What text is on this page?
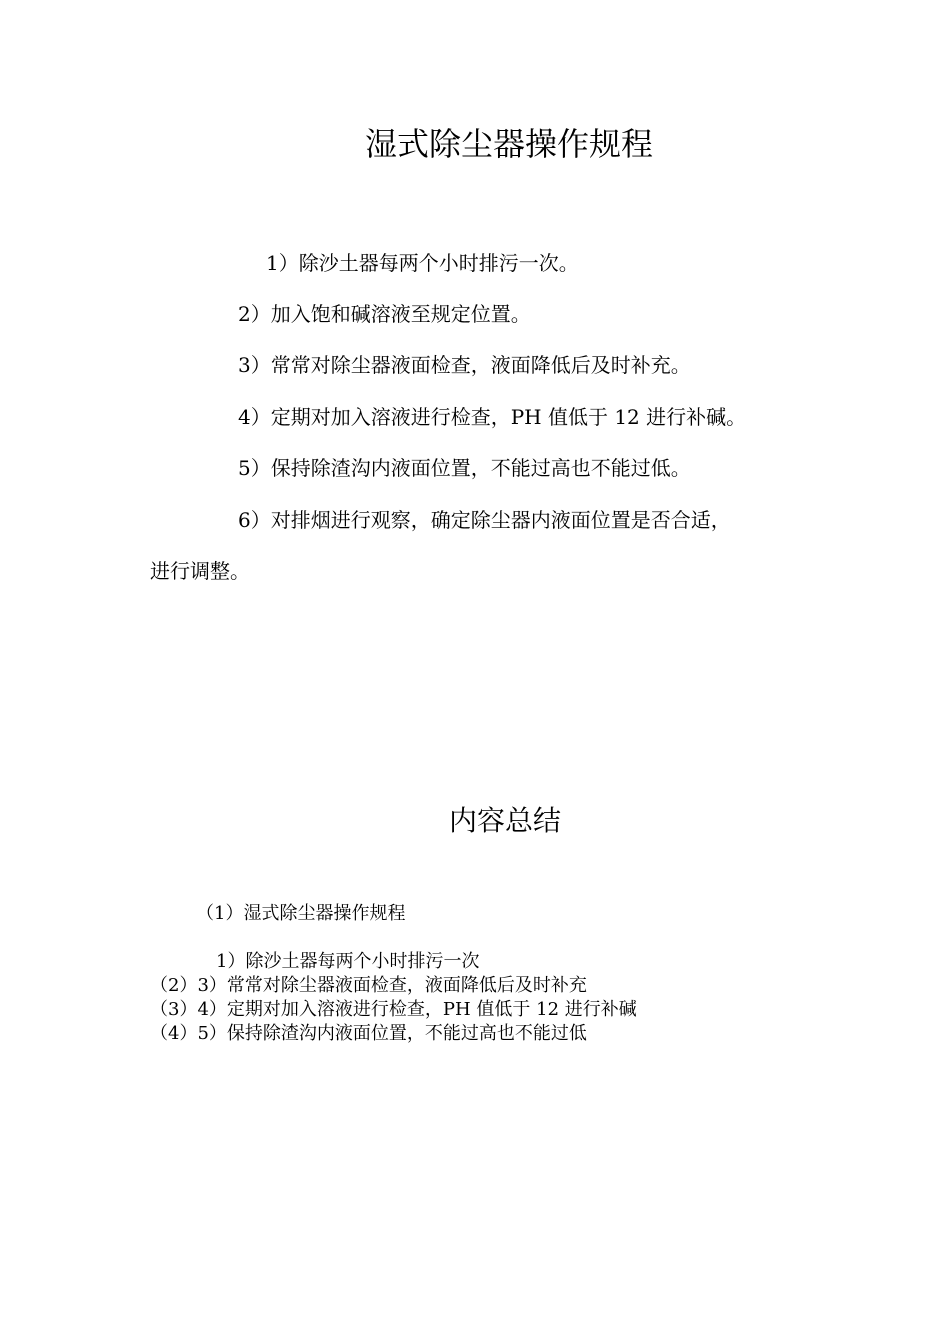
湿式除尘器操作规程
1）除沙土器每两个小时排污一次。
2）加入饱和碱溶液至规定位置。
3）常常对除尘器液面检查，液面降低后及时补充。
4）定期对加入溶液进行检查，PH 值低于 12 进行补碱。
5）保持除渣沟内液面位置，不能过高也不能过低。
6）对排烟进行观察，确定除尘器内液面位置是否合适，
进行调整。
内容总结
（1）湿式除尘器操作规程
1）除沙土器每两个小时排污一次
（2）3）常常对除尘器液面检查，液面降低后及时补充
（3）4）定期对加入溶液进行检查，PH 值低于 12 进行补碱
（4）5）保持除渣沟内液面位置，不能过高也不能过低
